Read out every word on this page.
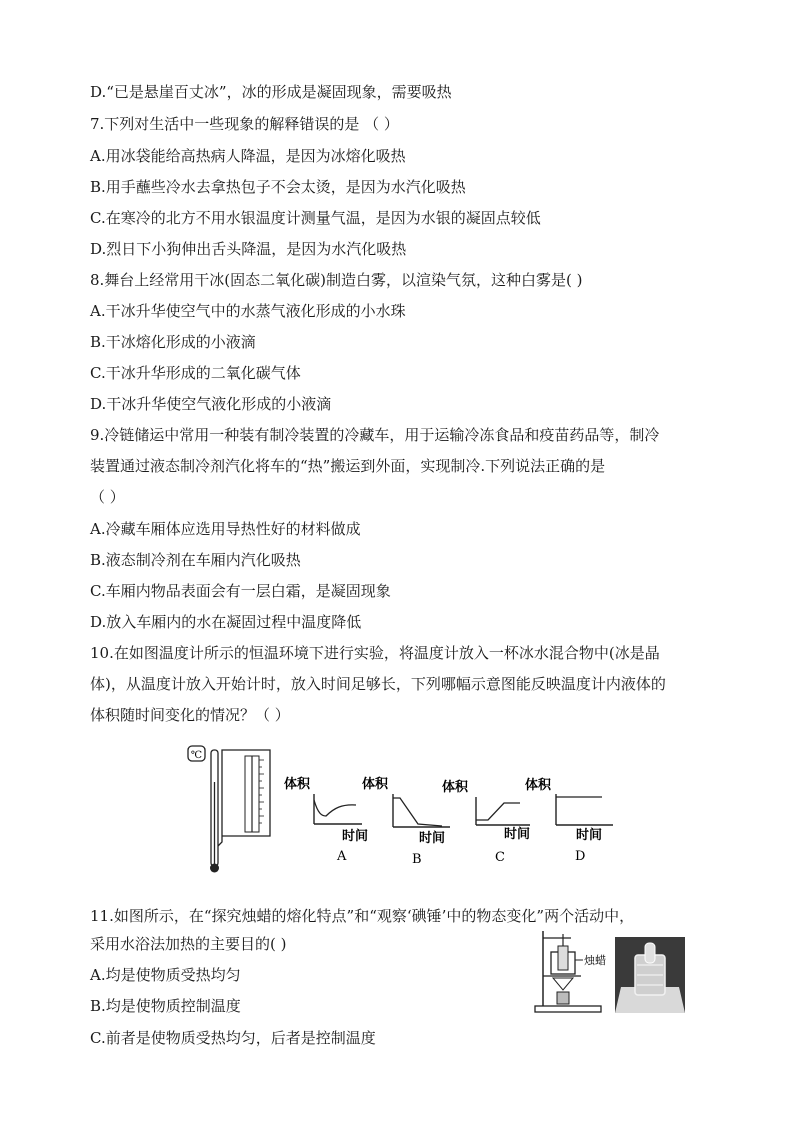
D.“已是悬崖百丈冰”，冰的形成是凝固现象，需要吸热
7.下列对生活中一些现象的解释错误的是 （ ）
A.用冰袋能给高热病人降温，是因为冰熔化吸热
B.用手蘸些冷水去拿热包子不会太烫，是因为水汽化吸热
C.在寒冷的北方不用水银温度计测量气温，是因为水银的凝固点较低
D.烈日下小狗伸出舌头降温，是因为水汽化吸热
8.舞台上经常用干冰(固态二氧化碳)制造白雾，以渲染气氛，这种白雾是( )
A.干冰升华使空气中的水蒸气液化形成的小水珠
B.干冰熔化形成的小液滴
C.干冰升华形成的二氧化碳气体
D.干冰升华使空气液化形成的小液滴
9.冷链储运中常用一种装有制冷装置的冷藏车，用于运输冷冻食品和疫苗药品等，制冷
装置通过液态制冷剂汽化将车的“热”搬运到外面，实现制冷.下列说法正确的是
（ ）
A.冷藏车厢体应选用导热性好的材料做成
B.液态制冷剂在车厢内汽化吸热
C.车厢内物品表面会有一层白霜，是凝固现象
D.放入车厢内的水在凝固过程中温度降低
10.在如图温度计所示的恒温环境下进行实验，将温度计放入一杯冰水混合物中(冰是晶
体)，从温度计放入开始计时，放入时间足够长，下列哪幅示意图能反映温度计内液体的
体积随时间变化的情况？（ ）
℃
体积
时间
A
体积
时间
B
体积
时间
C
体积
时间
D
11.如图所示，在“探究烛蜡的熔化特点”和“观察‘碘锤’中的物态变化”两个活动中，
采用水浴法加热的主要目的( )
A.均是使物质受热均匀
B.均是使物质控制温度
C.前者是使物质受热均匀，后者是控制温度
烛蜡
